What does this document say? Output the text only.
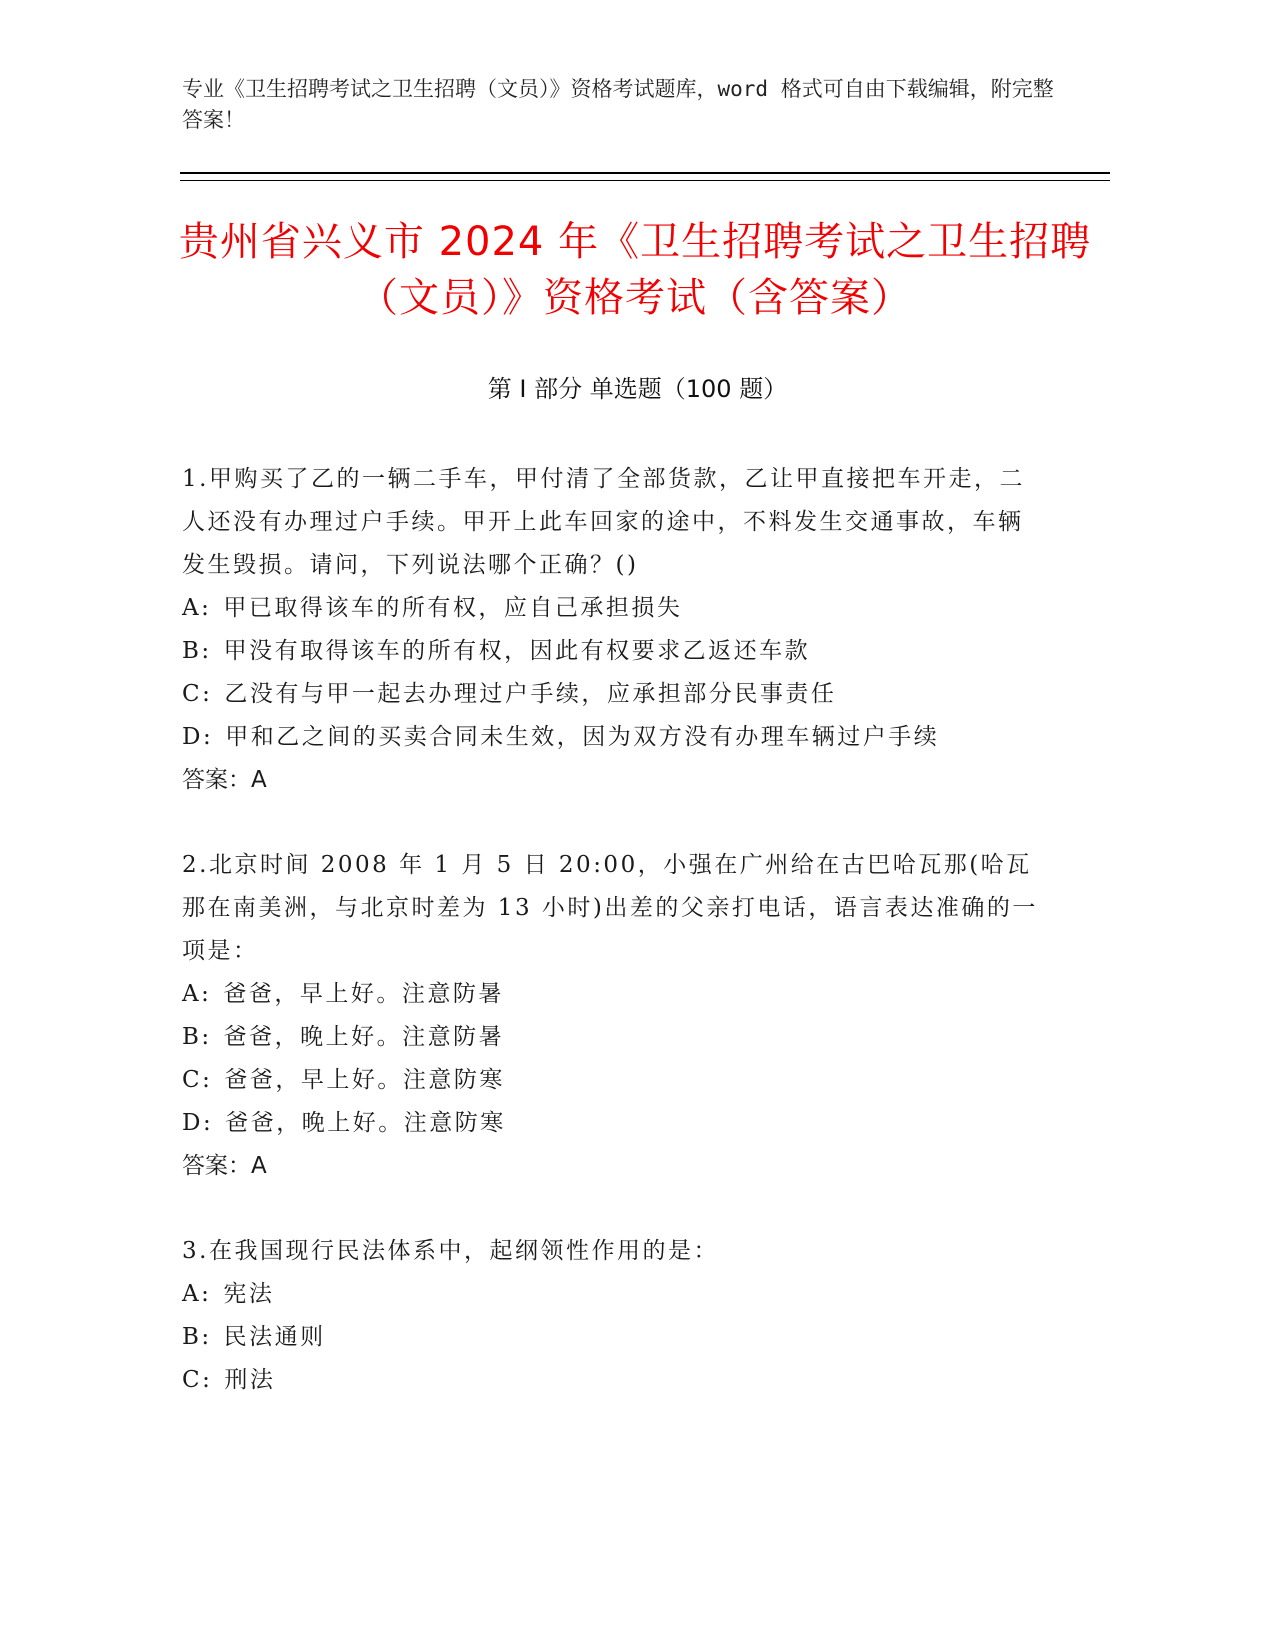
专业《卫生招聘考试之卫生招聘（文员）》资格考试题库，word 格式可自由下载编辑，附完整答案！
贵州省兴义市 2024 年《卫生招聘考试之卫生招聘（文员）》资格考试（含答案）
第 I 部分 单选题（100 题）

1.甲购买了乙的一辆二手车，甲付清了全部货款，乙让甲直接把车开走，二人还没有办理过户手续。甲开上此车回家的途中，不料发生交通事故，车辆发生毁损。请问，下列说法哪个正确？()

A: 甲已取得该车的所有权，应自己承担损失

B: 甲没有取得该车的所有权，因此有权要求乙返还车款

C: 乙没有与甲一起去办理过户手续，应承担部分民事责任

D: 甲和乙之间的买卖合同未生效，因为双方没有办理车辆过户手续

答案：A

2.北京时间 2008 年 1 月 5 日 20:00，小强在广州给在古巴哈瓦那(哈瓦那在南美洲，与北京时差为 13 小时)出差的父亲打电话，语言表达准确的一项是：

A: 爸爸，早上好。注意防暑

B: 爸爸，晚上好。注意防暑

C: 爸爸，早上好。注意防寒

D: 爸爸，晚上好。注意防寒

答案：A

3.在我国现行民法体系中，起纲领性作用的是：

A: 宪法

B: 民法通则

C: 刑法
